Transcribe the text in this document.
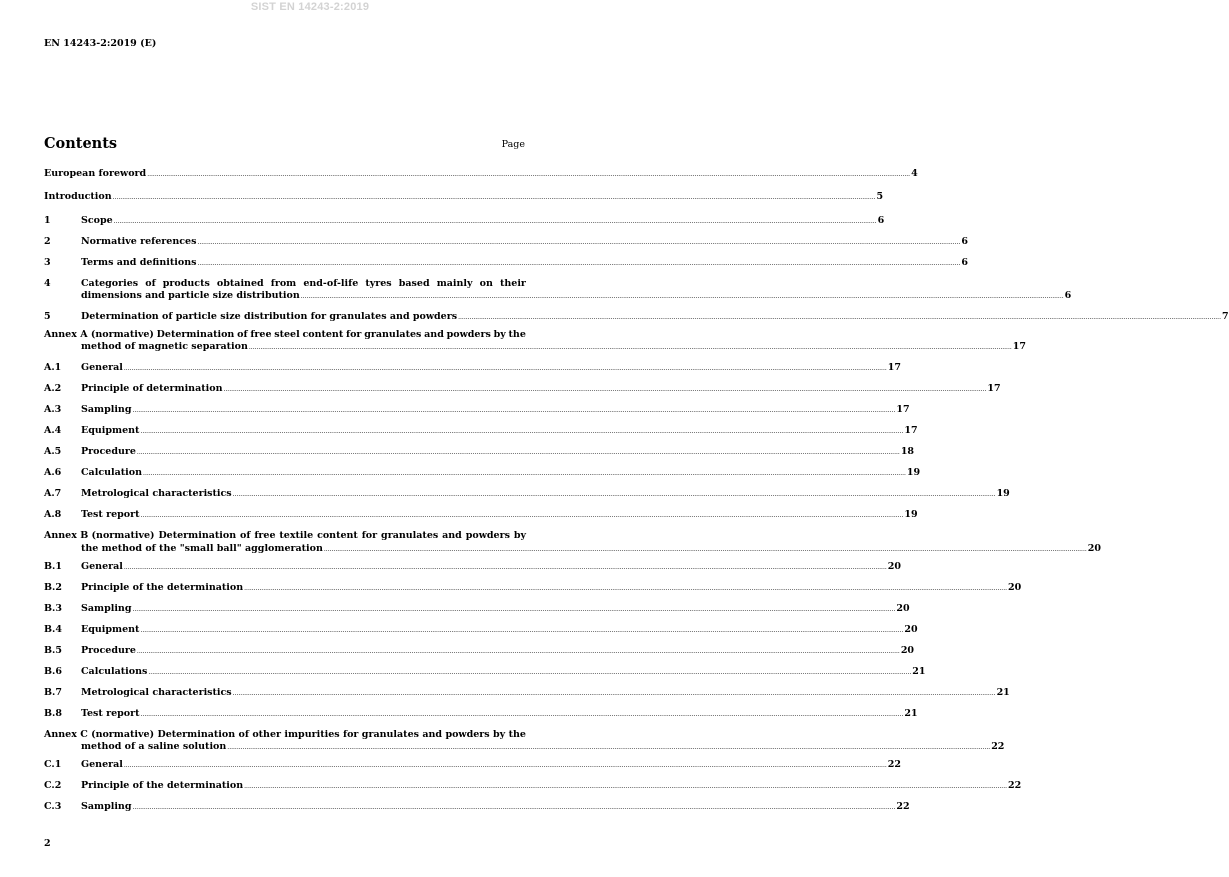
SIST EN 14243-2:2019
EN 14243-2:2019 (E)
Contents	Page
European foreword ................................................................................................................................................................................................................................................................................................................................................................................................................ 4
Introduction ................................................................................................................................................................................................................................................................................................................................................................................................................ 5
1	Scope ................................................................................................................................................................................................................................................................................................................................................................................................................ 6
2	Normative references ................................................................................................................................................................................................................................................................................................................................................................................................................ 6
3	Terms and definitions ................................................................................................................................................................................................................................................................................................................................................................................................................ 6
4	Categories of products obtained from end-of-life tyres based mainly on their
dimensions and particle size distribution ................................................................................................................................................................................................................................................................................................................................................................................................................ 6
5	Determination of particle size distribution for granulates and powders ................................................................................................................................................................................................................................................................................................................................................................................................................ 7
Annex A (normative) Determination of free steel content for granulates and powders by the
method of magnetic separation ................................................................................................................................................................................................................................................................................................................................................................................................................ 17
A.1	General ................................................................................................................................................................................................................................................................................................................................................................................................................ 17
A.2	Principle of determination ................................................................................................................................................................................................................................................................................................................................................................................................................ 17
A.3	Sampling ................................................................................................................................................................................................................................................................................................................................................................................................................ 17
A.4	Equipment ................................................................................................................................................................................................................................................................................................................................................................................................................ 17
A.5	Procedure ................................................................................................................................................................................................................................................................................................................................................................................................................ 18
A.6	Calculation ................................................................................................................................................................................................................................................................................................................................................................................................................ 19
A.7	Metrological characteristics ................................................................................................................................................................................................................................................................................................................................................................................................................ 19
A.8	Test report ................................................................................................................................................................................................................................................................................................................................................................................................................ 19
Annex B (normative) Determination of free textile content for granulates and powders by
the method of the "small ball" agglomeration ................................................................................................................................................................................................................................................................................................................................................................................................................ 20
B.1	General ................................................................................................................................................................................................................................................................................................................................................................................................................ 20
B.2	Principle of the determination ................................................................................................................................................................................................................................................................................................................................................................................................................ 20
B.3	Sampling ................................................................................................................................................................................................................................................................................................................................................................................................................ 20
B.4	Equipment ................................................................................................................................................................................................................................................................................................................................................................................................................ 20
B.5	Procedure ................................................................................................................................................................................................................................................................................................................................................................................................................ 20
B.6	Calculations ................................................................................................................................................................................................................................................................................................................................................................................................................ 21
B.7	Metrological characteristics ................................................................................................................................................................................................................................................................................................................................................................................................................ 21
B.8	Test report ................................................................................................................................................................................................................................................................................................................................................................................................................ 21
Annex C (normative) Determination of other impurities for granulates and powders by the
method of a saline solution ................................................................................................................................................................................................................................................................................................................................................................................................................ 22
C.1	General ................................................................................................................................................................................................................................................................................................................................................................................................................ 22
C.2	Principle of the determination ................................................................................................................................................................................................................................................................................................................................................................................................................ 22
C.3	Sampling ................................................................................................................................................................................................................................................................................................................................................................................................................ 22
2
